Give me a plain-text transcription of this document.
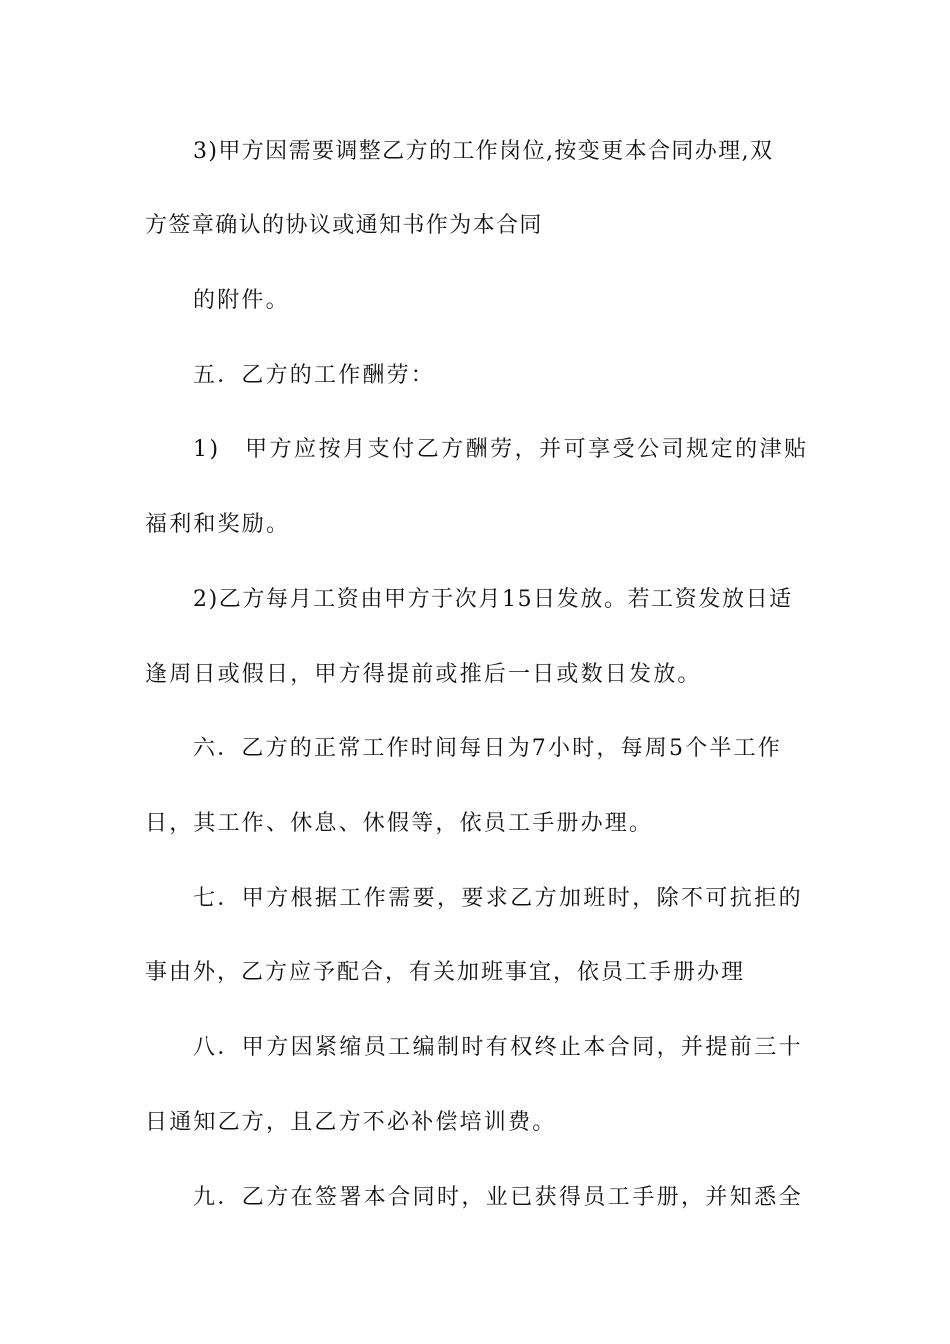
3)甲方因需要调整乙方的工作岗位,按变更本合同办理,双
方签章确认的协议或通知书作为本合同
的附件。
五．乙方的工作酬劳：
1)　甲方应按月支付乙方酬劳，并可享受公司规定的津贴
福利和奖励。
2)乙方每月工资由甲方于次月15日发放。若工资发放日适
逢周日或假日，甲方得提前或推后一日或数日发放。
六．乙方的正常工作时间每日为7小时，每周5个半工作
日，其工作、休息、休假等，依员工手册办理。
七．甲方根据工作需要，要求乙方加班时，除不可抗拒的
事由外，乙方应予配合，有关加班事宜，依员工手册办理
八．甲方因紧缩员工编制时有权终止本合同，并提前三十
日通知乙方，且乙方不必补偿培训费。
九．乙方在签署本合同时，业已获得员工手册，并知悉全
